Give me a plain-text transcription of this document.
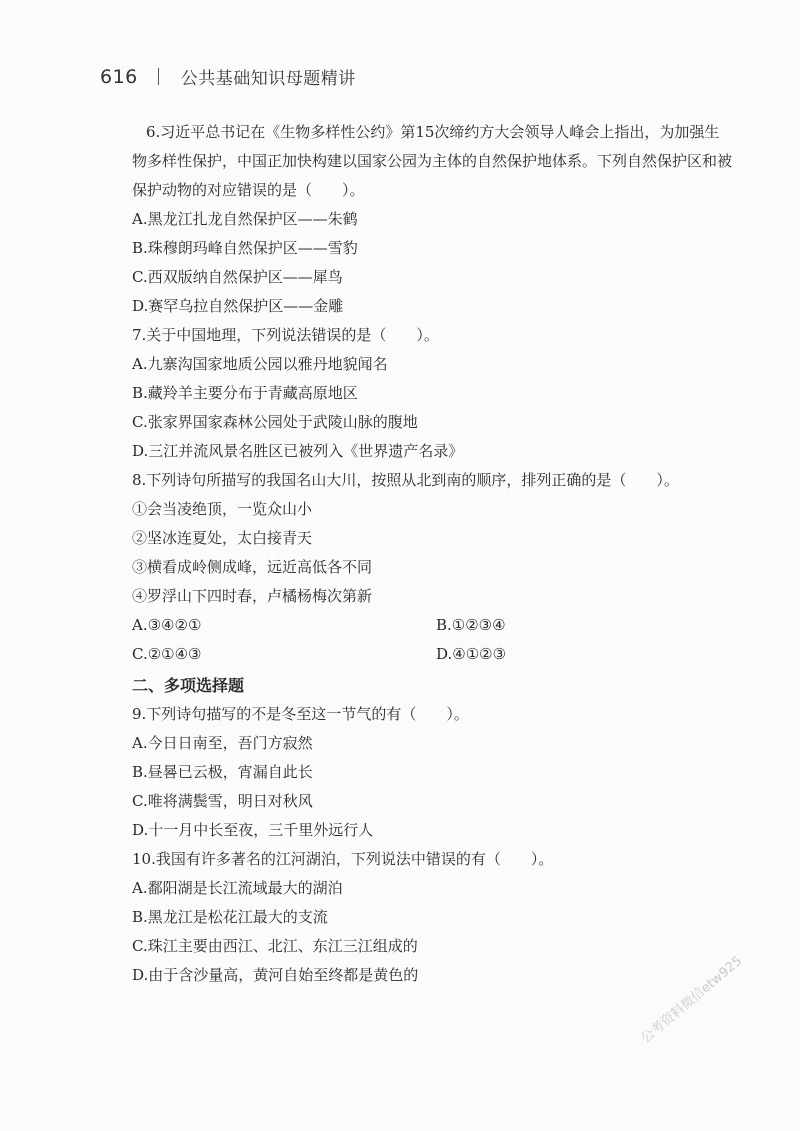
616	公共基础知识母题精讲

6.习近平总书记在《生物多样性公约》第15次缔约方大会领导人峰会上指出，为加强生

物多样性保护，中国正加快构建以国家公园为主体的自然保护地体系。下列自然保护区和被

保护动物的对应错误的是（　　）。

A.黑龙江扎龙自然保护区——朱鹤

B.珠穆朗玛峰自然保护区——雪豹

C.西双版纳自然保护区——犀鸟

D.赛罕乌拉自然保护区——金雕

7.关于中国地理，下列说法错误的是（　　）。

A.九寨沟国家地质公园以雅丹地貌闻名

B.藏羚羊主要分布于青藏高原地区

C.张家界国家森林公园处于武陵山脉的腹地

D.三江并流风景名胜区已被列入《世界遗产名录》

8.下列诗句所描写的我国名山大川，按照从北到南的顺序，排列正确的是（　　）。

①会当凌绝顶，一览众山小

②坚冰连夏处，太白接青天

③横看成岭侧成峰，远近高低各不同

④罗浮山下四时春，卢橘杨梅次第新

A.③④②①	B.①②③④

C.②①④③	D.④①②③

二、多项选择题

9.下列诗句描写的不是冬至这一节气的有（　　）。

A.今日日南至，吾门方寂然

B.昼晷已云极，宵漏自此长

C.唯将满鬓雪，明日对秋风

D.十一月中长至夜，三千里外远行人

10.我国有许多著名的江河湖泊，下列说法中错误的有（　　）。

A.鄱阳湖是长江流域最大的湖泊

B.黑龙江是松花江最大的支流

C.珠江主要由西江、北江、东江三江组成的

D.由于含沙量高，黄河自始至终都是黄色的	公考资料微信etw925
